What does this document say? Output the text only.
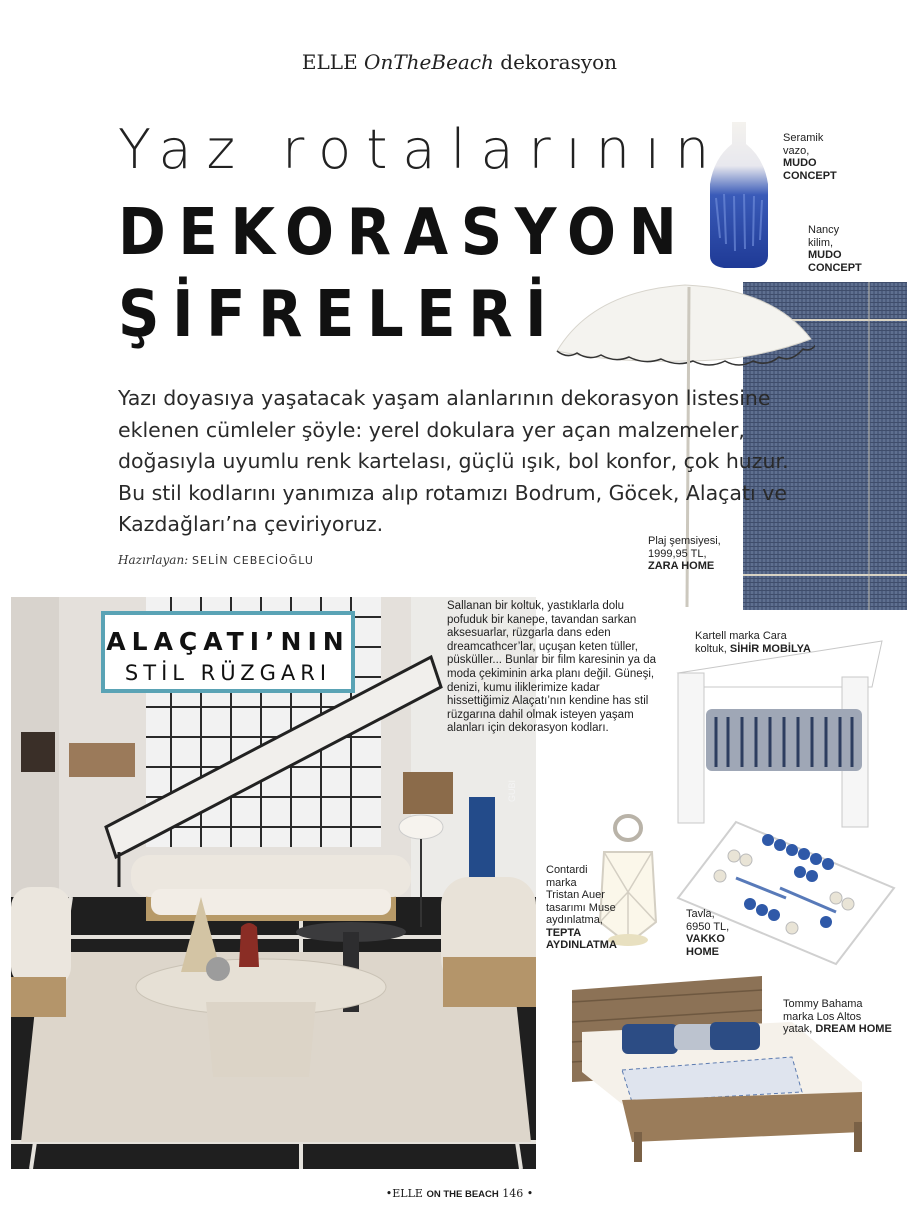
ELLE OnTheBeach dekorasyon
Yaz rotalarının
DEKORASYON
ŞİFRELERİ
Yazı doyasıya yaşatacak yaşam alanlarının dekorasyon listesine eklenen cümleler şöyle: yerel dokulara yer açan malzemeler, doğasıyla uyumlu renk kartelası, güçlü ışık, bol konfor, çok huzur. Bu stil kodlarını yanımıza alıp rotamızı Bodrum, Göcek, Alaçatı ve Kazdağları’na çeviriyoruz.
Hazırlayan: SELİN CEBECİOĞLU
Seramik
vazo,
MUDO
CONCEPT
Nancy
kilim,
MUDO
CONCEPT
Plaj şemsiyesi,
1999,95 TL,
ZARA HOME
GUBI
ALAÇATI’NIN
STİL RÜZGARI
Sallanan bir koltuk, yastıklarla dolu pofuduk bir kanepe, tavandan sarkan aksesuarlar, rüzgarla dans eden dreamcathcer’lar, uçuşan keten tüller, püsküller... Bunlar bir film karesinin ya da moda çekiminin arka planı değil. Güneşi, denizi, kumu iliklerimize kadar hissettiğimiz Alaçatı’nın kendine has stil rüzgarına dahil olmak isteyen yaşam alanları için dekorasyon kodları.
Kartell marka Cara
koltuk, SİHİR MOBİLYA
Contardi
marka
Tristan Auer
tasarımı Muse
aydınlatma,
TEPTA
AYDINLATMA
Tavla,
6950 TL,
VAKKO
HOME
Tommy Bahama
marka Los Altos
yatak, DREAM HOME
•ELLE ON THE BEACH 146 •
